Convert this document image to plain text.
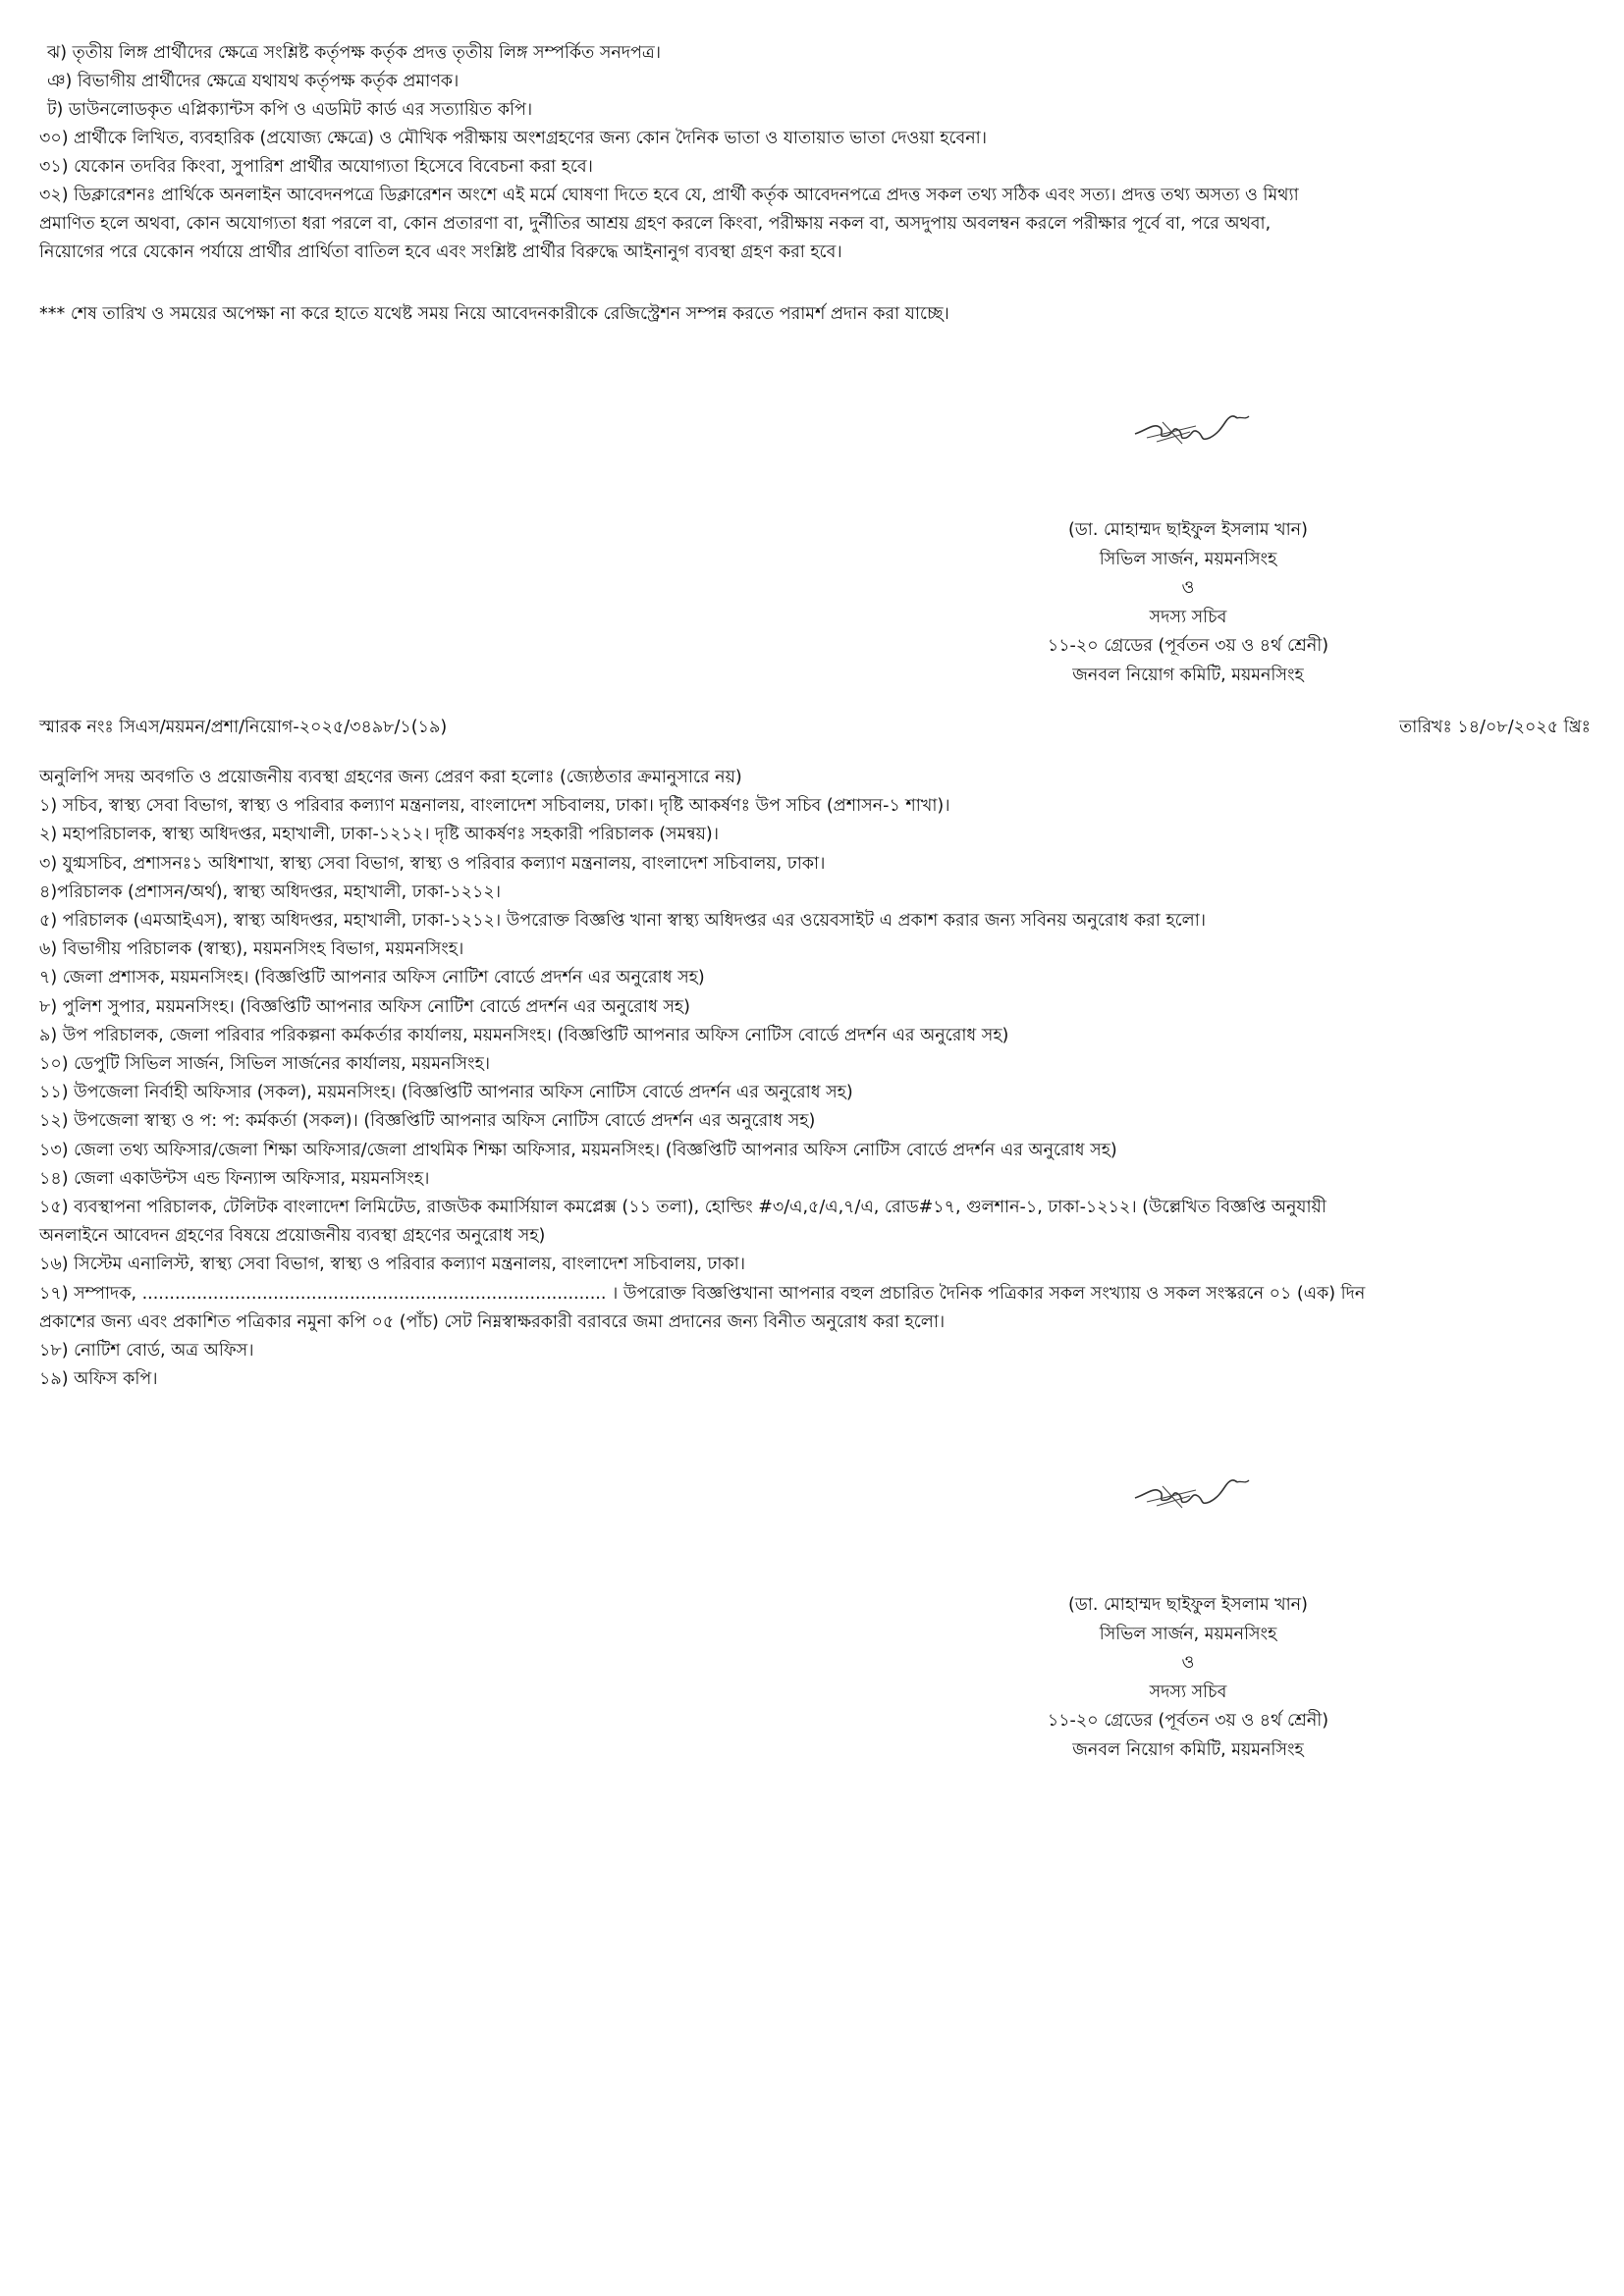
ঝ) তৃতীয় লিঙ্গ প্রার্থীদের ক্ষেত্রে সংশ্লিষ্ট কর্তৃপক্ষ কর্তৃক প্রদত্ত তৃতীয় লিঙ্গ সম্পর্কিত সনদপত্র।
ঞ) বিভাগীয় প্রার্থীদের ক্ষেত্রে যথাযথ কর্তৃপক্ষ কর্তৃক প্রমাণক।
ট) ডাউনলোডকৃত এপ্লিক্যান্টস কপি ও এডমিট কার্ড এর সত্যায়িত কপি।
৩০) প্রার্থীকে লিখিত, ব্যবহারিক (প্রযোজ্য ক্ষেত্রে) ও মৌখিক পরীক্ষায় অংশগ্রহণের জন্য কোন দৈনিক ভাতা ও যাতায়াত ভাতা দেওয়া হবেনা।
৩১) যেকোন তদবির কিংবা, সুপারিশ প্রার্থীর অযোগ্যতা হিসেবে বিবেচনা করা হবে।
৩২) ডিক্লারেশনঃ প্রার্থিকে অনলাইন আবেদনপত্রে ডিক্লারেশন অংশে এই মর্মে ঘোষণা দিতে হবে যে, প্রার্থী কর্তৃক আবেদনপত্রে প্রদত্ত সকল তথ্য সঠিক এবং সত্য। প্রদত্ত তথ্য অসত্য ও মিথ্যা
প্রমাণিত হলে অথবা, কোন অযোগ্যতা ধরা পরলে বা, কোন প্রতারণা বা, দুর্নীতির আশ্রয় গ্রহণ করলে কিংবা, পরীক্ষায় নকল বা, অসদুপায় অবলম্বন করলে পরীক্ষার পূর্বে বা, পরে অথবা,
নিয়োগের পরে যেকোন পর্যায়ে প্রার্থীর প্রার্থিতা বাতিল হবে এবং সংশ্লিষ্ট প্রার্থীর বিরুদ্ধে আইনানুগ ব্যবস্থা গ্রহণ করা হবে।
*** শেষ তারিখ ও সময়ের অপেক্ষা না করে হাতে যথেষ্ট সময় নিয়ে আবেদনকারীকে রেজিস্ট্রেশন সম্পন্ন করতে পরামর্শ প্রদান করা যাচ্ছে।
(ডা. মোহাম্মদ ছাইফুল ইসলাম খান)
সিভিল সার্জন, ময়মনসিংহ
ও
সদস্য সচিব
১১-২০ গ্রেডের (পূর্বতন ৩য় ও ৪র্থ শ্রেনী)
জনবল নিয়োগ কমিটি, ময়মনসিংহ
স্মারক নংঃ সিএস/ময়মন/প্রশা/নিয়োগ-২০২৫/৩৪৯৮/১(১৯)	তারিখঃ ১৪/০৮/২০২৫ খ্রিঃ
অনুলিপি সদয় অবগতি ও প্রয়োজনীয় ব্যবস্থা গ্রহণের জন্য প্রেরণ করা হলোঃ (জ্যেষ্ঠতার ক্রমানুসারে নয়)
১) সচিব, স্বাস্থ্য সেবা বিভাগ, স্বাস্থ্য ও পরিবার কল্যাণ মন্ত্রনালয়, বাংলাদেশ সচিবালয়, ঢাকা। দৃষ্টি আকর্ষণঃ উপ সচিব (প্রশাসন-১ শাখা)।
২) মহাপরিচালক, স্বাস্থ্য অধিদপ্তর, মহাখালী, ঢাকা-১২১২। দৃষ্টি আকর্ষণঃ সহকারী পরিচালক (সমন্বয়)।
৩) যুগ্মসচিব, প্রশাসনঃ১ অধিশাখা, স্বাস্থ্য সেবা বিভাগ, স্বাস্থ্য ও পরিবার কল্যাণ মন্ত্রনালয়, বাংলাদেশ সচিবালয়, ঢাকা।
৪)পরিচালক (প্রশাসন/অর্থ), স্বাস্থ্য অধিদপ্তর, মহাখালী, ঢাকা-১২১২।
৫) পরিচালক (এমআইএস), স্বাস্থ্য অধিদপ্তর, মহাখালী, ঢাকা-১২১২। উপরোক্ত বিজ্ঞপ্তি খানা স্বাস্থ্য অধিদপ্তর এর ওয়েবসাইট এ প্রকাশ করার জন্য সবিনয় অনুরোধ করা হলো।
৬) বিভাগীয় পরিচালক (স্বাস্থ্য), ময়মনসিংহ বিভাগ, ময়মনসিংহ।
৭) জেলা প্রশাসক, ময়মনসিংহ। (বিজ্ঞপ্তিটি আপনার অফিস নোটিশ বোর্ডে প্রদর্শন এর অনুরোধ সহ)
৮) পুলিশ সুপার, ময়মনসিংহ। (বিজ্ঞপ্তিটি আপনার অফিস নোটিশ বোর্ডে প্রদর্শন এর অনুরোধ সহ)
৯) উপ পরিচালক, জেলা পরিবার পরিকল্পনা কর্মকর্তার কার্যালয়, ময়মনসিংহ। (বিজ্ঞপ্তিটি আপনার অফিস নোটিস বোর্ডে প্রদর্শন এর অনুরোধ সহ)
১০) ডেপুটি সিভিল সার্জন, সিভিল সার্জনের কার্যালয়, ময়মনসিংহ।
১১) উপজেলা নির্বাহী অফিসার (সকল), ময়মনসিংহ। (বিজ্ঞপ্তিটি আপনার অফিস নোটিস বোর্ডে প্রদর্শন এর অনুরোধ সহ)
১২) উপজেলা স্বাস্থ্য ও প: প: কর্মকর্তা (সকল)। (বিজ্ঞপ্তিটি আপনার অফিস নোটিস বোর্ডে প্রদর্শন এর অনুরোধ সহ)
১৩) জেলা তথ্য অফিসার/জেলা শিক্ষা অফিসার/জেলা প্রাথমিক শিক্ষা অফিসার, ময়মনসিংহ। (বিজ্ঞপ্তিটি আপনার অফিস নোটিস বোর্ডে প্রদর্শন এর অনুরোধ সহ)
১৪) জেলা একাউন্টস এন্ড ফিন্যান্স অফিসার, ময়মনসিংহ।
১৫) ব্যবস্থাপনা পরিচালক, টেলিটক বাংলাদেশ লিমিটেড, রাজউক কমার্সিয়াল কমপ্লেক্স (১১ তলা), হোল্ডিং #৩/এ,৫/এ,৭/এ, রোড#১৭, গুলশান-১, ঢাকা-১২১২। (উল্লেখিত বিজ্ঞপ্তি অনুযায়ী
অনলাইনে আবেদন গ্রহণের বিষয়ে প্রয়োজনীয় ব্যবস্থা গ্রহণের অনুরোধ সহ)
১৬) সিস্টেম এনালিস্ট, স্বাস্থ্য সেবা বিভাগ, স্বাস্থ্য ও পরিবার কল্যাণ মন্ত্রনালয়, বাংলাদেশ সচিবালয়, ঢাকা।
১৭) সম্পাদক, ..................................................................................... । উপরোক্ত বিজ্ঞপ্তিখানা আপনার বহুল প্রচারিত দৈনিক পত্রিকার সকল সংখ্যায় ও সকল সংস্করনে ০১ (এক) দিন
প্রকাশের জন্য এবং প্রকাশিত পত্রিকার নমুনা কপি ০৫ (পাঁচ) সেট নিম্নস্বাক্ষরকারী বরাবরে জমা প্রদানের জন্য বিনীত অনুরোধ করা হলো।
১৮) নোটিশ বোর্ড, অত্র অফিস।
১৯) অফিস কপি।
(ডা. মোহাম্মদ ছাইফুল ইসলাম খান)
সিভিল সার্জন, ময়মনসিংহ
ও
সদস্য সচিব
১১-২০ গ্রেডের (পূর্বতন ৩য় ও ৪র্থ শ্রেনী)
জনবল নিয়োগ কমিটি, ময়মনসিংহ
